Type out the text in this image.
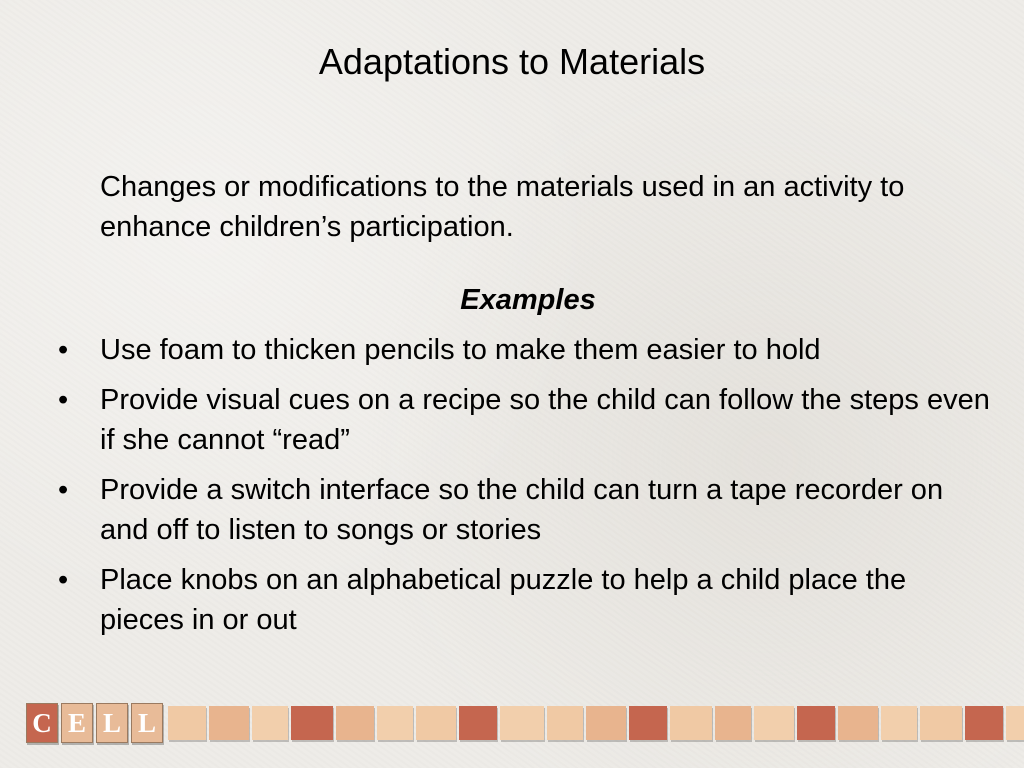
Adaptations to Materials
Changes or modifications to the materials used in an activity to enhance children’s participation.
Examples
•	Use foam to thicken pencils to make them easier to hold
•	Provide visual cues on a recipe so the child can follow the steps even if she cannot “read”
•	Provide a switch interface so the child can turn a tape recorder on and off to listen to songs or stories
•	Place knobs on an alphabetical puzzle to help a child place the pieces in or out
C E L L
